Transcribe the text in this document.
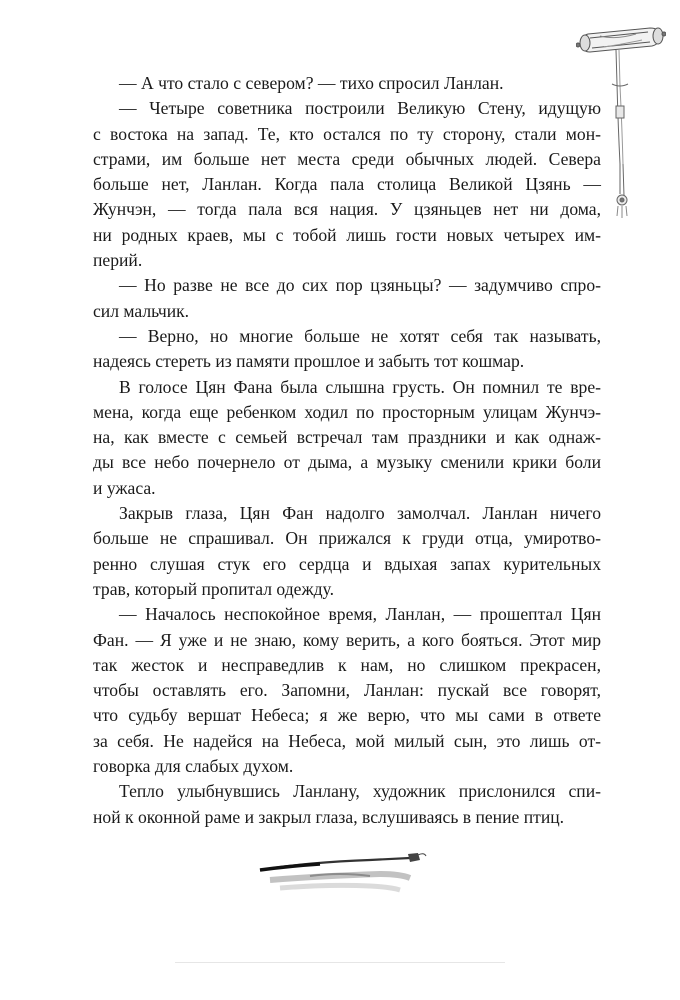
— А что стало с севером? — тихо спросил Ланлан.
— Четыре советника построили Великую Стену, идущую
с востока на запад. Те, кто остался по ту сторону, стали мон-
страми, им больше нет места среди обычных людей. Севера
больше нет, Ланлан. Когда пала столица Великой Цзянь —
Жунчэн, — тогда пала вся нация. У цзяньцев нет ни дома,
ни родных краев, мы с тобой лишь гости новых четырех им-
перий.
— Но разве не все до сих пор цзяньцы? — задумчиво спро-
сил мальчик.
— Верно, но многие больше не хотят себя так называть,
надеясь стереть из памяти прошлое и забыть тот кошмар.
В голосе Цян Фана была слышна грусть. Он помнил те вре-
мена, когда еще ребенком ходил по просторным улицам Жунчэ-
на, как вместе с семьей встречал там праздники и как однаж-
ды все небо почернело от дыма, а музыку сменили крики боли
и ужаса.
Закрыв глаза, Цян Фан надолго замолчал. Ланлан ничего
больше не спрашивал. Он прижался к груди отца, умиротво-
ренно слушая стук его сердца и вдыхая запах курительных
трав, который пропитал одежду.
— Началось неспокойное время, Ланлан, — прошептал Цян
Фан. — Я уже и не знаю, кому верить, а кого бояться. Этот мир
так жесток и несправедлив к нам, но слишком прекрасен,
чтобы оставлять его. Запомни, Ланлан: пускай все говорят,
что судьбу вершат Небеса; я же верю, что мы сами в ответе
за себя. Не надейся на Небеса, мой милый сын, это лишь от-
говорка для слабых духом.
Тепло улыбнувшись Ланлану, художник прислонился спи-
ной к оконной раме и закрыл глаза, вслушиваясь в пение птиц.
